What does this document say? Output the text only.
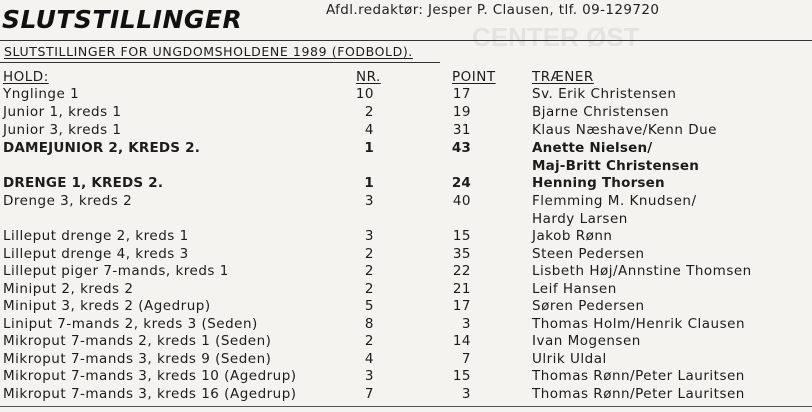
CENTER ØST
SLUTSTILLINGER	Afdl.redaktør: Jesper P. Clausen, tlf. 09-129720
SLUTSTILLINGER FOR UNGDOMSHOLDENE 1989 (FODBOLD).
HOLD:	NR.	POINT	TRÆNER
Ynglinge 1	10	17	Sv. Erik Christensen
Junior 1, kreds 1	2	19	Bjarne Christensen
Junior 3, kreds 1	4	31	Klaus Næshave/Kenn Due
DAMEJUNIOR 2, KREDS 2.	1	43	Anette Nielsen/
Maj-Britt Christensen
DRENGE 1, KREDS 2.	1	24	Henning Thorsen
Drenge 3, kreds 2	3	40	Flemming M. Knudsen/
Hardy Larsen
Lilleput drenge 2, kreds 1	3	15	Jakob Rønn
Lilleput drenge 4, kreds 3	2	35	Steen Pedersen
Lilleput piger 7-mands, kreds 1	2	22	Lisbeth Høj/Annstine Thomsen
Miniput 2, kreds 2	2	21	Leif Hansen
Miniput 3, kreds 2 (Agedrup)	5	17	Søren Pedersen
Liniput 7-mands 2, kreds 3 (Seden)	8	3	Thomas Holm/Henrik Clausen
Mikroput 7-mands 2, kreds 1 (Seden)	2	14	Ivan Mogensen
Mikroput 7-mands 3, kreds 9 (Seden)	4	7	Ulrik Uldal
Mikroput 7-mands 3, kreds 10 (Agedrup)	3	15	Thomas Rønn/Peter Lauritsen
Mikroput 7-mands 3, kreds 16 (Agedrup)	7	3	Thomas Rønn/Peter Lauritsen
